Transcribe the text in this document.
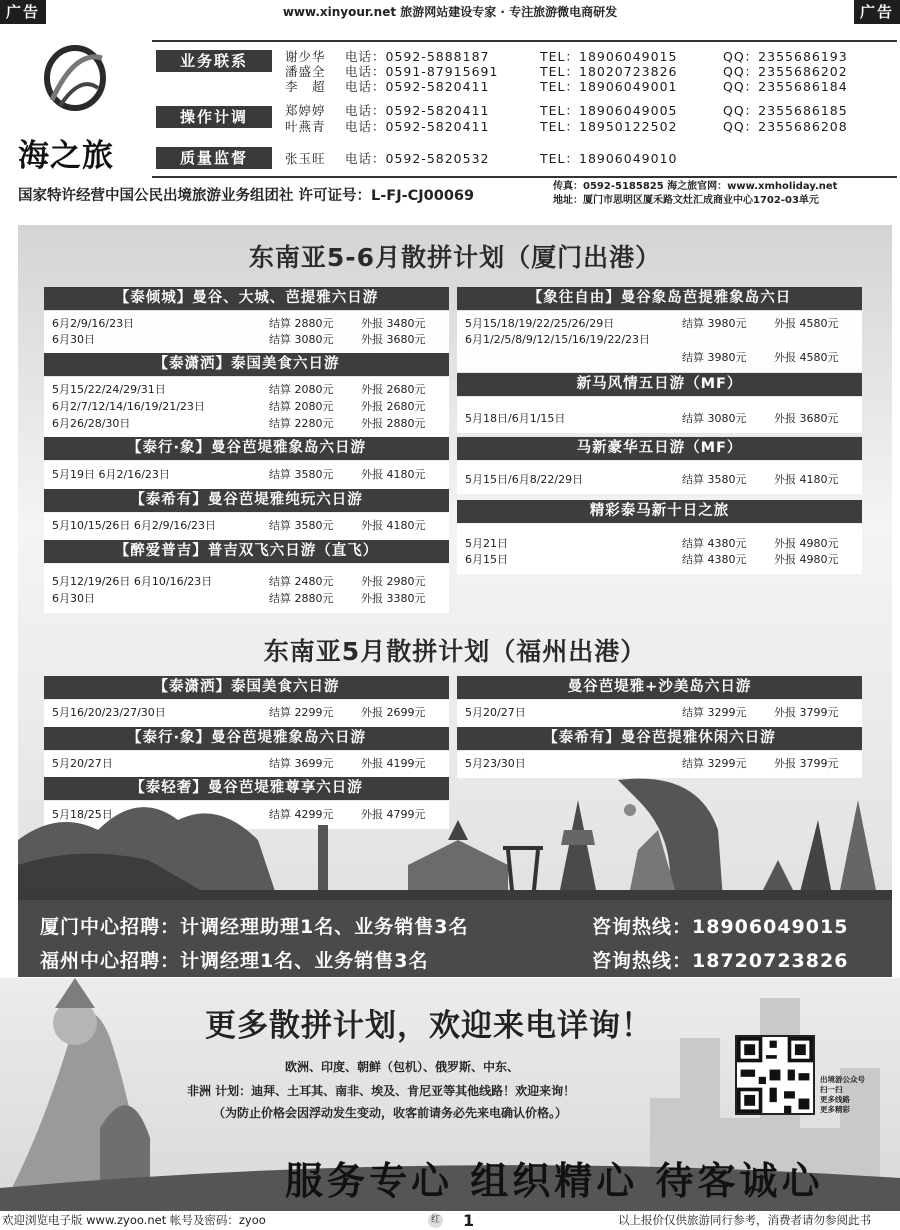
广告	www.xinyour.net 旅游网站建设专家 · 专注旅游微电商研发	广告
海之旅
业务联系
操作计调
质量监督
谢少华 电话：0592-5888187	TEL：18906049015	QQ：2355686193
潘盛全 电话：0591-87915691	TEL：18020723826	QQ：2355686202
李　超 电话：0592-5820411	TEL：18906049001	QQ：2355686184
郑婷婷 电话：0592-5820411	TEL：18906049005	QQ：2355686185
叶燕青 电话：0592-5820411	TEL：18950122502	QQ：2355686208
张玉旺 电话：0592-5820532	TEL：18906049010
国家特许经营中国公民出境旅游业务组团社 许可证号：L-FJ-CJ00069
传真：0592-5185825 海之旅官网：www.xmholiday.net
地址：厦门市思明区厦禾路文灶汇成商业中心1702-03单元
东南亚5-6月散拼计划（厦门出港）
东南亚5月散拼计划（福州出港）
【泰倾城】曼谷、大城、芭提雅六日游
6月2/9/16/23日	结算 2880元	外报 3480元
6月30日	结算 3080元	外报 3680元
【泰潇洒】泰国美食六日游
5月15/22/24/29/31日	结算 2080元	外报 2680元
6月2/7/12/14/16/19/21/23日	结算 2080元	外报 2680元
6月26/28/30日	结算 2280元	外报 2880元
【泰行·象】曼谷芭堤雅象岛六日游
5月19日 6月2/16/23日	结算 3580元	外报 4180元
【泰希有】曼谷芭堤雅纯玩六日游
5月10/15/26日 6月2/9/16/23日	结算 3580元	外报 4180元
【醉爱普吉】普吉双飞六日游（直飞）
5月12/19/26日 6月10/16/23日	结算 2480元	外报 2980元
6月30日	结算 2880元	外报 3380元
【象往自由】曼谷象岛芭提雅象岛六日
5月15/18/19/22/25/26/29日	结算 3980元	外报 4580元
6月1/2/5/8/9/12/15/16/19/22/23日
结算 3980元	外报 4580元
新马风情五日游（MF）
5月18日/6月1/15日	结算 3080元	外报 3680元
马新豪华五日游（MF）
5月15日/6月8/22/29日	结算 3580元	外报 4180元
精彩泰马新十日之旅
5月21日	结算 4380元	外报 4980元
6月15日	结算 4380元	外报 4980元
【泰潇洒】泰国美食六日游
5月16/20/23/27/30日	结算 2299元	外报 2699元
【泰行·象】曼谷芭堤雅象岛六日游
5月20/27日	结算 3699元	外报 4199元
【泰轻奢】曼谷芭堤雅尊享六日游
5月18/25日	结算 4299元	外报 4799元
曼谷芭堤雅+沙美岛六日游
5月20/27日	结算 3299元	外报 3799元
【泰希有】曼谷芭提雅休闲六日游
5月23/30日	结算 3299元	外报 3799元
厦门中心招聘：计调经理助理1名、业务销售3名	咨询热线：18906049015
福州中心招聘：计调经理1名、业务销售3名	咨询热线：18720723826
更多散拼计划，欢迎来电详询！
欧洲、印度、朝鲜（包机）、俄罗斯、中东、
非洲 计划：迪拜、土耳其、南非、埃及、肯尼亚等其他线路！欢迎来询！
（为防止价格会因浮动发生变动，收客前请务必先来电确认价格。）
出境游公众号
扫一扫
更多线路
更多精彩
服务专心 组织精心 待客诚心
欢迎浏览电子版 www.zyoo.net 帐号及密码：zyoo	红 1	以上报价仅供旅游同行参考，消费者请勿参阅此书
